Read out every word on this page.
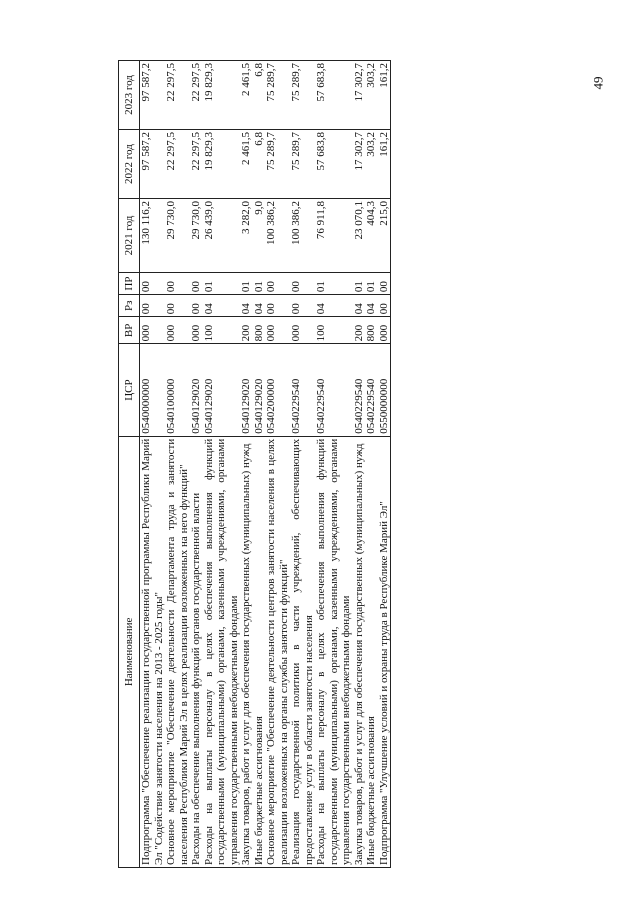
49
Наименование	ЦСР	ВР	Рз	ПР	2021 год	2022 год	2023 год
Подпрограмма "Обеспечение реализации государственной программы Республики Марий Эл "Содействие занятости населения на 2013 - 2025 годы"	0540000000	000	00	00	130 116,2	97 587,2	97 587,2
Основное мероприятие "Обеспечение деятельности Департамента труда и занятости населения Республики Марий Эл в целях реализации возложенных на него функций"	0540100000	000	00	00	29 730,0	22 297,5	22 297,5
Расходы на обеспечение выполнения функций органов государственной власти	0540129020	000	00	00	29 730,0	22 297,5	22 297,5
Расходы на выплаты персоналу в целях обеспечения выполнения функций государственными (муниципальными) органами, казенными учреждениями, органами управления государственными внебюджетными фондами	0540129020	100	04	01	26 439,0	19 829,3	19 829,3
Закупка товаров, работ и услуг для обеспечения государственных (муниципальных) нужд	0540129020	200	04	01	3 282,0	2 461,5	2 461,5
Иные бюджетные ассигнования	0540129020	800	04	01	9,0	6,8	6,8
Основное мероприятие "Обеспечение деятельности центров занятости населения в целях реализации возложенных на органы службы занятости функций"	0540200000	000	00	00	100 386,2	75 289,7	75 289,7
Реализация государственной политики в части учреждений, обеспечивающих предоставление услуг в области занятости населения	0540229540	000	00	00	100 386,2	75 289,7	75 289,7
Расходы на выплаты персоналу в целях обеспечения выполнения функций государственными (муниципальными) органами, казенными учреждениями, органами управления государственными внебюджетными фондами	0540229540	100	04	01	76 911,8	57 683,8	57 683,8
Закупка товаров, работ и услуг для обеспечения государственных (муниципальных) нужд	0540229540	200	04	01	23 070,1	17 302,7	17 302,7
Иные бюджетные ассигнования	0540229540	800	04	01	404,3	303,2	303,2
Подпрограмма "Улучшение условий и охраны труда в Республике Марий Эл"	0550000000	000	00	00	215,0	161,2	161,2
